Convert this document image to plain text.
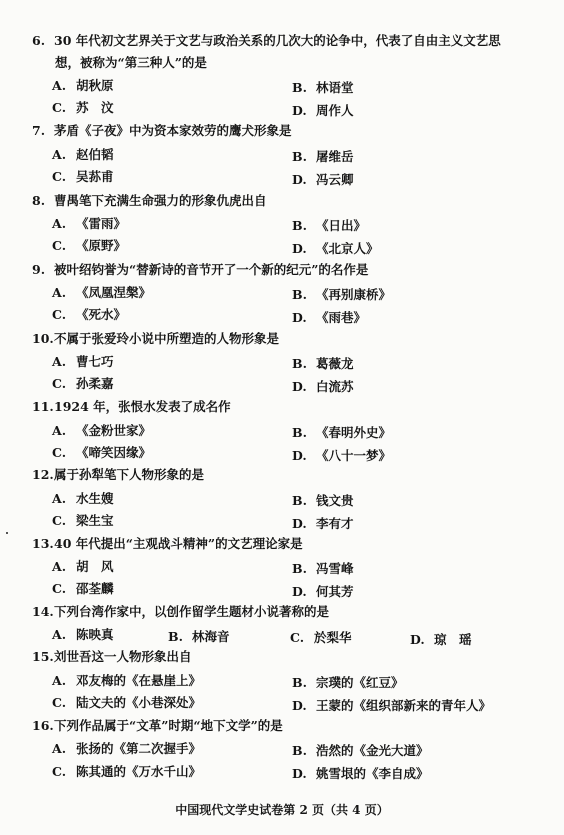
6. 30 年代初文艺界关于文艺与政治关系的几次大的论争中，代表了自由主义文艺思
想，被称为“第三种人”的是
A. 胡秋原	B. 林语堂
C. 苏　汶	D. 周作人
7. 茅盾《子夜》中为资本家效劳的鹰犬形象是
A. 赵伯韬	B. 屠维岳
C. 吴荪甫	D. 冯云卿
8. 曹禺笔下充满生命强力的形象仇虎出自
A. 《雷雨》	B. 《日出》
C. 《原野》	D. 《北京人》
9. 被叶绍钧誉为“替新诗的音节开了一个新的纪元”的名作是
A. 《凤凰涅槃》	B. 《再别康桥》
C. 《死水》	D. 《雨巷》
10.不属于张爱玲小说中所塑造的人物形象是
A. 曹七巧	B. 葛薇龙
C. 孙柔嘉	D. 白流苏
11.1924 年，张恨水发表了成名作
A. 《金粉世家》	B. 《春明外史》
C. 《啼笑因缘》	D. 《八十一梦》
12.属于孙犁笔下人物形象的是
A. 水生嫂	B. 钱文贵
C. 梁生宝	D. 李有才
13.40 年代提出“主观战斗精神”的文艺理论家是
A. 胡　风	B. 冯雪峰
C. 邵荃麟	D. 何其芳
14.下列台湾作家中，以创作留学生题材小说著称的是
A. 陈映真	B. 林海音	C. 於梨华	D. 琼　瑶
15.刘世吾这一人物形象出自
A. 邓友梅的《在悬崖上》	B. 宗璞的《红豆》
C. 陆文夫的《小巷深处》	D. 王蒙的《组织部新来的青年人》
16.下列作品属于“文革”时期“地下文学”的是
A. 张扬的《第二次握手》	B. 浩然的《金光大道》
C. 陈其通的《万水千山》	D. 姚雪垠的《李自成》
中国现代文学史试卷第 2 页（共 4 页）
